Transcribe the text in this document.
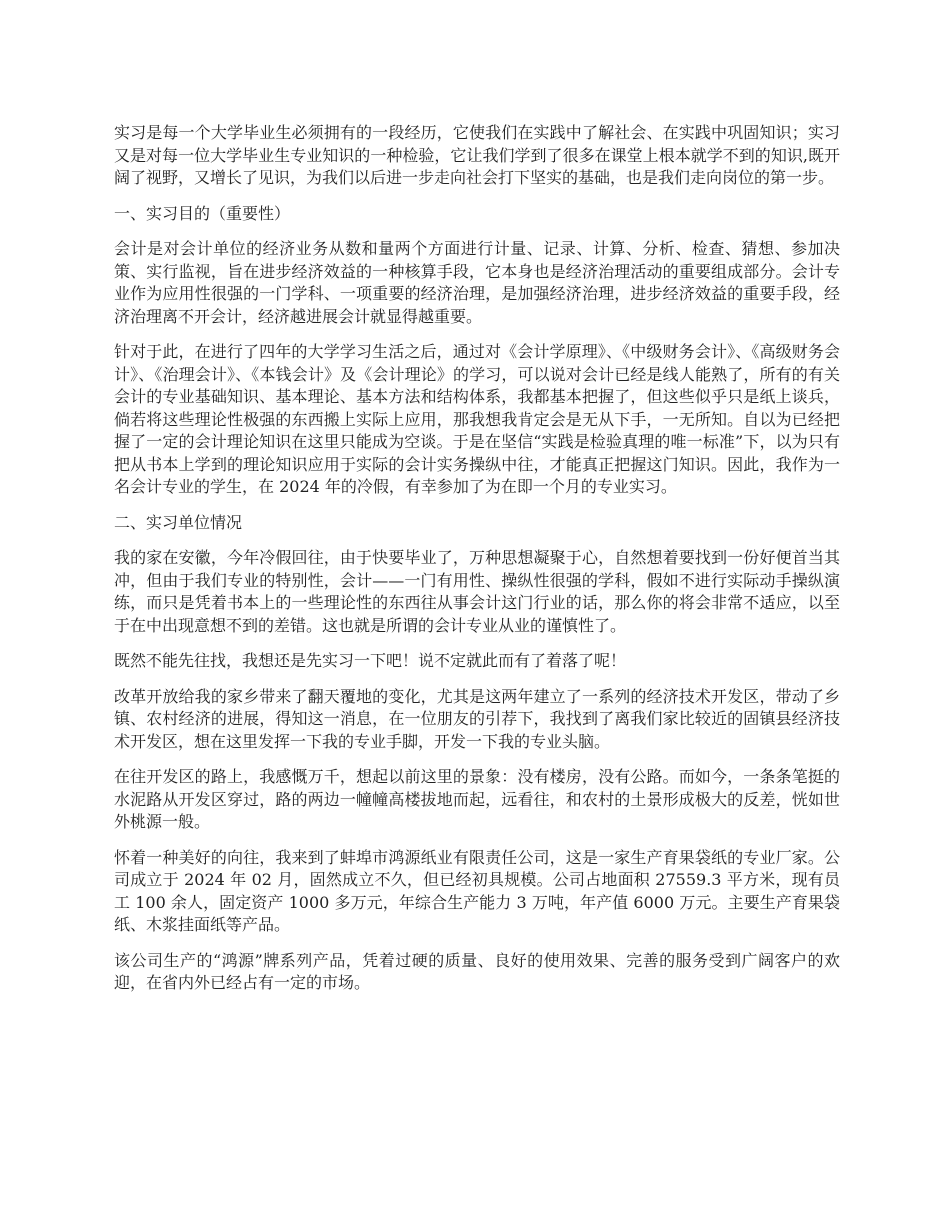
实习是每一个大学毕业生必须拥有的一段经历，它使我们在实践中了解社会、在实践中巩固知识；实习又是对每一位大学毕业生专业知识的一种检验，它让我们学到了很多在课堂上根本就学不到的知识,既开阔了视野，又增长了见识，为我们以后进一步走向社会打下坚实的基础，也是我们走向岗位的第一步。

一、实习目的（重要性）

会计是对会计单位的经济业务从数和量两个方面进行计量、记录、计算、分析、检查、猜想、参加决策、实行监视，旨在进步经济效益的一种核算手段，它本身也是经济治理活动的重要组成部分。会计专业作为应用性很强的一门学科、一项重要的经济治理，是加强经济治理，进步经济效益的重要手段，经济治理离不开会计，经济越进展会计就显得越重要。

针对于此，在进行了四年的大学学习生活之后，通过对《会计学原理》、《中级财务会计》、《高级财务会计》、《治理会计》、《本钱会计》及《会计理论》的学习，可以说对会计已经是线人能熟了，所有的有关会计的专业基础知识、基本理论、基本方法和结构体系，我都基本把握了，但这些似乎只是纸上谈兵，倘若将这些理论性极强的东西搬上实际上应用，那我想我肯定会是无从下手，一无所知。自以为已经把握了一定的会计理论知识在这里只能成为空谈。于是在坚信“实践是检验真理的唯一标准”下，以为只有把从书本上学到的理论知识应用于实际的会计实务操纵中往，才能真正把握这门知识。因此，我作为一名会计专业的学生，在 2024 年的冷假，有幸参加了为在即一个月的专业实习。

二、实习单位情况

我的家在安徽，今年冷假回往，由于快要毕业了，万种思想凝聚于心，自然想着要找到一份好便首当其冲，但由于我们专业的特别性，会计——一门有用性、操纵性很强的学科，假如不进行实际动手操纵演练，而只是凭着书本上的一些理论性的东西往从事会计这门行业的话，那么你的将会非常不适应，以至于在中出现意想不到的差错。这也就是所谓的会计专业从业的谨慎性了。

既然不能先往找，我想还是先实习一下吧！说不定就此而有了着落了呢！

改革开放给我的家乡带来了翻天覆地的变化，尤其是这两年建立了一系列的经济技术开发区，带动了乡镇、农村经济的进展，得知这一消息，在一位朋友的引荐下，我找到了离我们家比较近的固镇县经济技术开发区，想在这里发挥一下我的专业手脚，开发一下我的专业头脑。

在往开发区的路上，我感慨万千，想起以前这里的景象：没有楼房，没有公路。而如今，一条条笔挺的水泥路从开发区穿过，路的两边一幢幢高楼拔地而起，远看往，和农村的土景形成极大的反差，恍如世外桃源一般。

怀着一种美好的向往，我来到了蚌埠市鸿源纸业有限责任公司，这是一家生产育果袋纸的专业厂家。公司成立于 2024 年 02 月，固然成立不久，但已经初具规模。公司占地面积 27559.3 平方米，现有员工 100 余人，固定资产 1000 多万元，年综合生产能力 3 万吨，年产值 6000 万元。主要生产育果袋纸、木浆挂面纸等产品。

该公司生产的“鸿源”牌系列产品，凭着过硬的质量、良好的使用效果、完善的服务受到广阔客户的欢迎，在省内外已经占有一定的市场。
